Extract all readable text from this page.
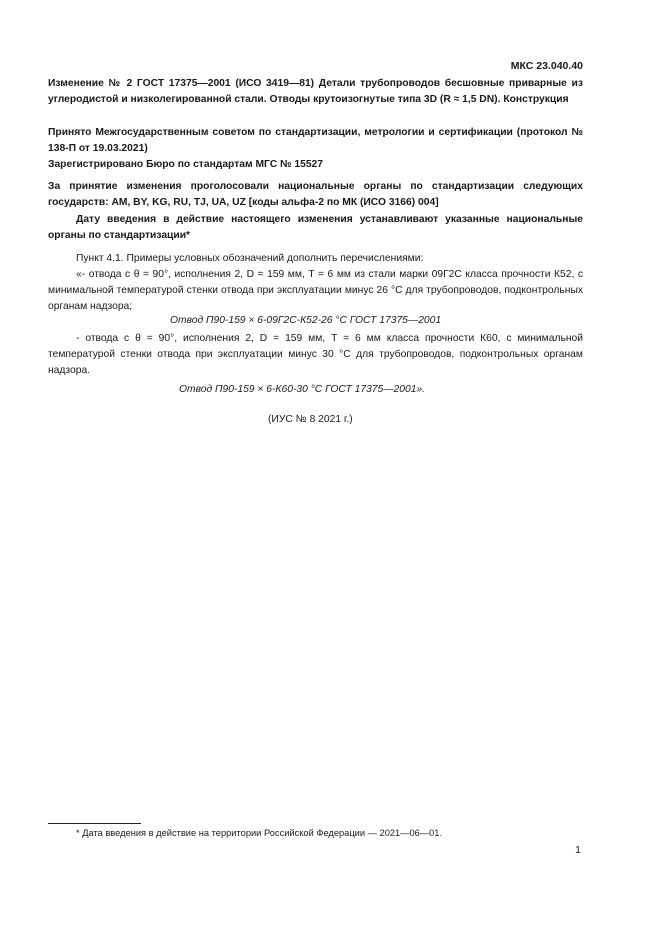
МКС 23.040.40
Изменение № 2 ГОСТ 17375—2001 (ИСО 3419—81) Детали трубопроводов бесшовные приварные из углеродистой и низколегированной стали. Отводы крутоизогнутые типа 3D (R ≈ 1,5 DN). Конструкция
Принято Межгосударственным советом по стандартизации, метрологии и сертификации (протокол № 138-П от 19.03.2021)
Зарегистрировано Бюро по стандартам МГС № 15527
За принятие изменения проголосовали национальные органы по стандартизации следующих государств: AM, BY, KG, RU, TJ, UA, UZ [коды альфа-2 по МК (ИСО 3166) 004]
Дату введения в действие настоящего изменения устанавливают указанные национальные органы по стандартизации*
Пункт 4.1. Примеры условных обозначений дополнить перечислениями:
«- отвода с θ = 90°, исполнения 2, D = 159 мм, T = 6 мм из стали марки 09Г2С класса прочности К52, с минимальной температурой стенки отвода при эксплуатации минус 26 °С для трубопроводов, подконтрольных органам надзора;
Отвод П90-159 × 6-09Г2С-К52-26 °С ГОСТ 17375—2001
- отвода с θ = 90°, исполнения 2, D = 159 мм, T = 6 мм класса прочности К60, с минимальной температурой стенки отвода при эксплуатации минус 30 °С для трубопроводов, подконтрольных органам надзора.
Отвод П90-159 × 6-К60-30 °С ГОСТ 17375—2001».
(ИУС № 8 2021 г.)
* Дата введения в действие на территории Российской Федерации — 2021—06—01.
1
